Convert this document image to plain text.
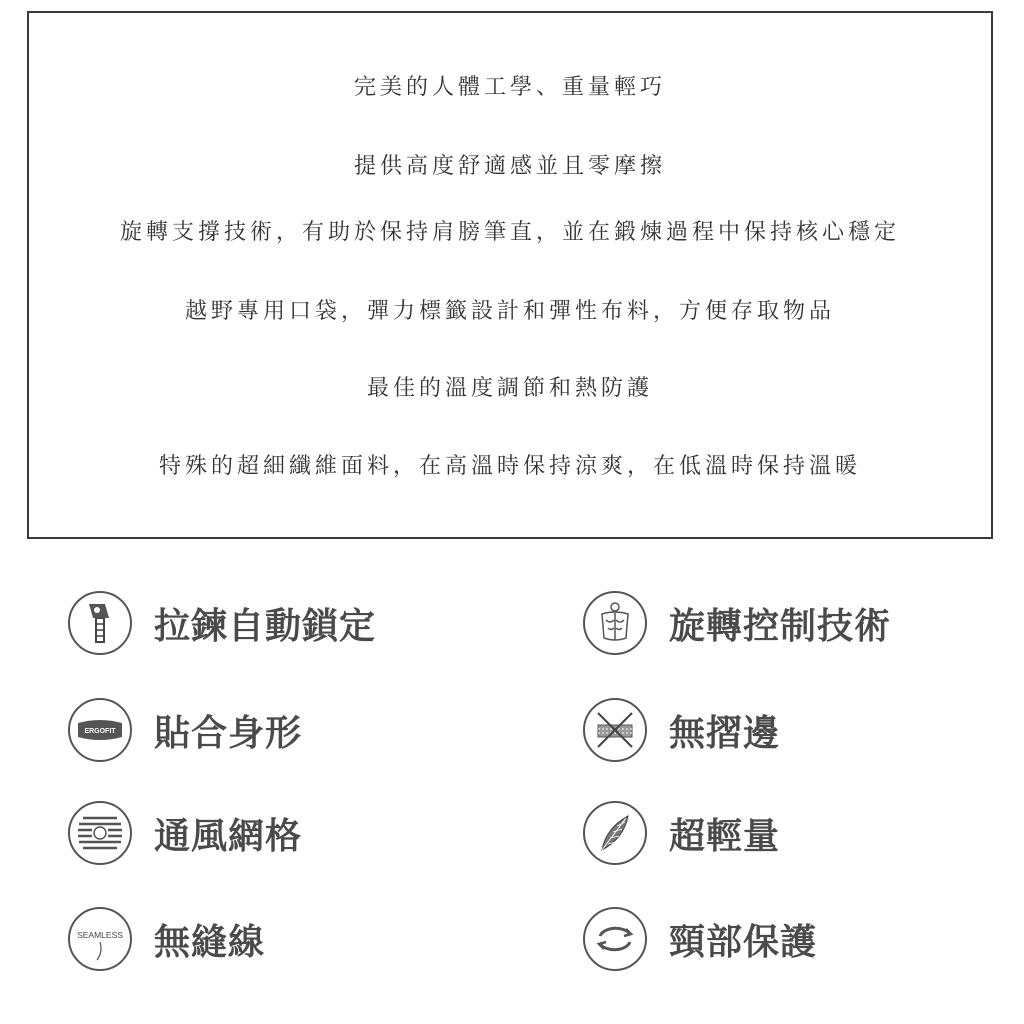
完美的人體工學、重量輕巧
提供高度舒適感並且零摩擦
旋轉支撐技術，有助於保持肩膀筆直，並在鍛煉過程中保持核心穩定
越野專用口袋，彈力標籤設計和彈性布料，方便存取物品
最佳的溫度調節和熱防護
特殊的超細纖維面料，在高溫時保持涼爽，在低溫時保持溫暖
拉鍊自動鎖定	旋轉控制技術
ERGOFIT 貼合身形	無摺邊
通風網格	超輕量
SEAMLESS 無縫線	頸部保護
